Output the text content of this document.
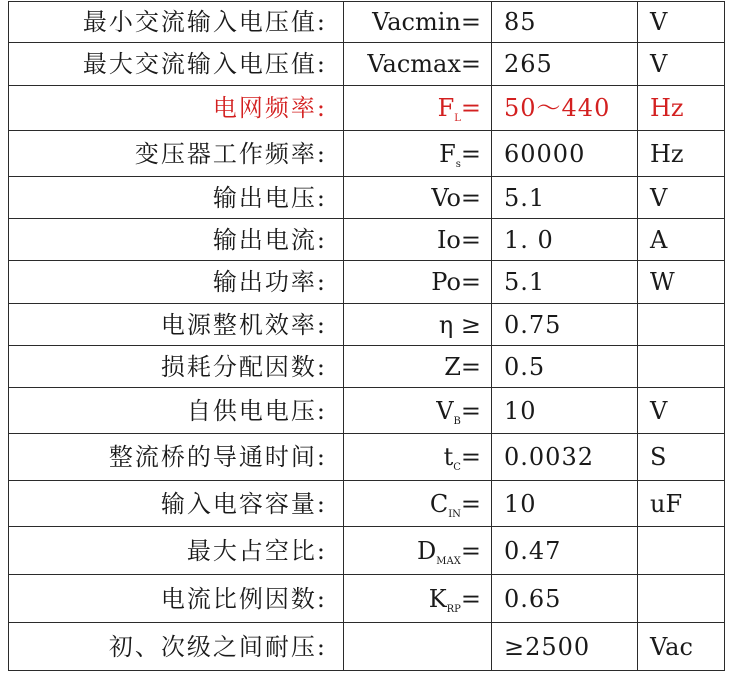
最小交流输入电压值:	Vacmin=	85	V
最大交流输入电压值:	Vacmax=	265	V
电网频率:	$F_L=$	50～440	Hz
变压器工作频率:	$F_s=$	60000	Hz
输出电压:	Vo=	5.1	V
输出电流:	Io=	1. 0	A
输出功率:	Po=	5.1	W
电源整机效率:	η ≥	0.75	
损耗分配因数:	Z=	0.5	
自供电电压:	$V_B=$	10	V
整流桥的导通时间:	$t_C=$	0.0032	S
输入电容容量:	$C_{IN}=$	10	uF
最大占空比:	$D_{MAX}=$	0.47	
电流比例因数:	$K_{RP}=$	0.65	
初、次级之间耐压:		≥2500	Vac
